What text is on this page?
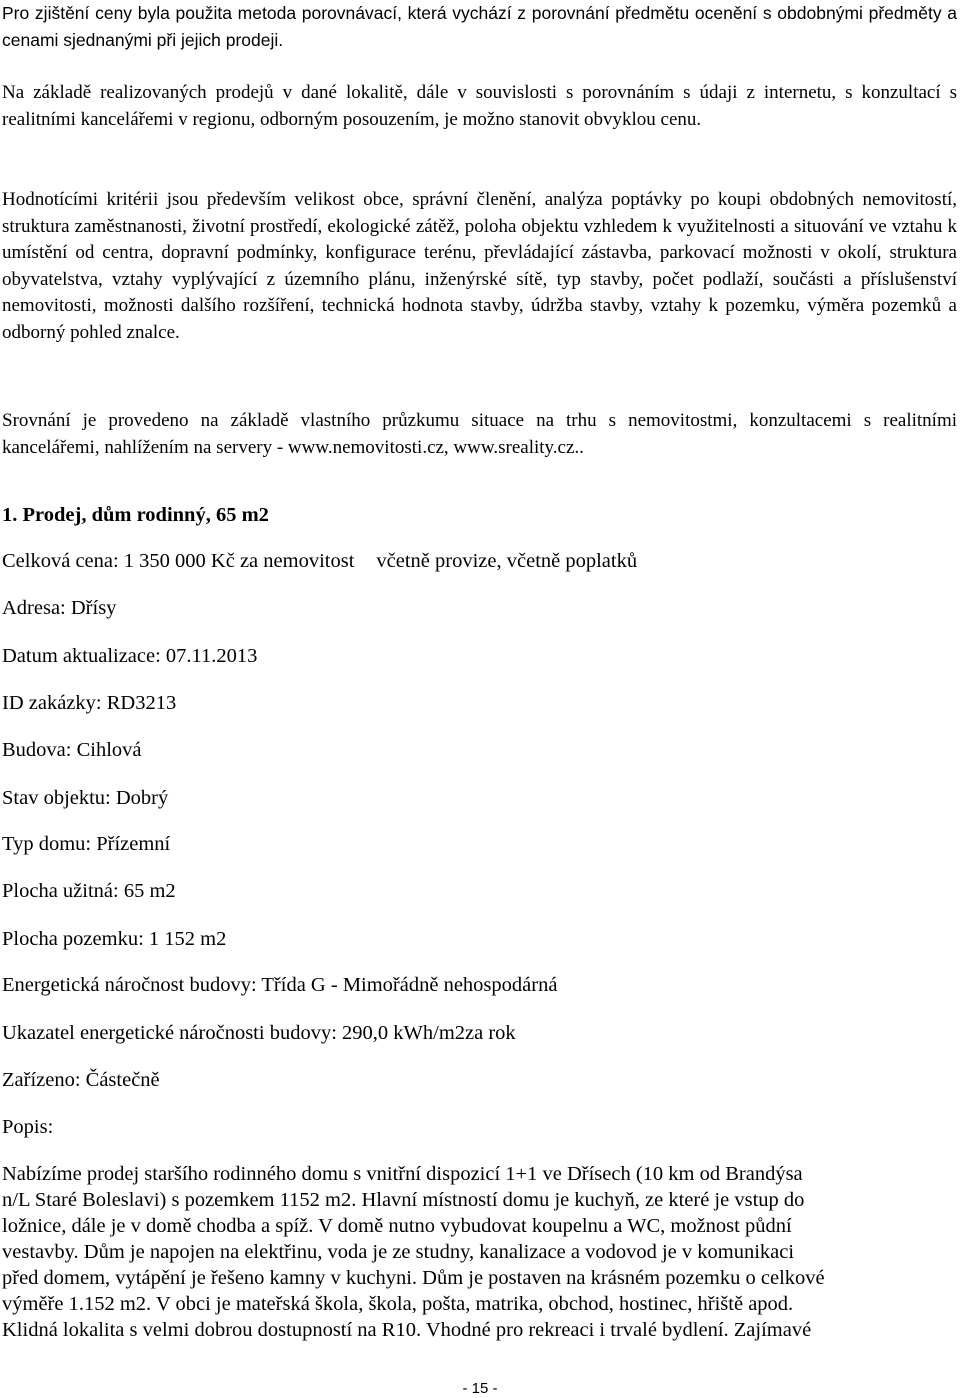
Pro zjištění ceny byla použita metoda porovnávací, která vychází z porovnání předmětu ocenění s obdobnými předměty a cenami sjednanými při jejich prodeji.

Na základě realizovaných prodejů v dané lokalitě, dále v souvislosti s porovnáním s údaji z internetu, s konzultací s realitními kancelářemi v regionu, odborným posouzením, je možno stanovit obvyklou cenu.

Hodnotícími kritérii jsou především velikost obce, správní členění, analýza poptávky po koupi obdobných nemovitostí, struktura zaměstnanosti, životní prostředí, ekologické zátěž, poloha objektu vzhledem k využitelnosti a situování ve vztahu k umístění od centra, dopravní podmínky, konfigurace terénu, převládající zástavba, parkovací možnosti v okolí, struktura obyvatelstva, vztahy vyplývající z územního plánu, inženýrské sítě, typ stavby, počet podlaží, součásti a příslušenství nemovitosti, možnosti dalšího rozšíření, technická hodnota stavby, údržba stavby, vztahy k pozemku, výměra pozemků a odborný pohled znalce.

Srovnání je provedeno na základě vlastního průzkumu situace na trhu s nemovitostmi, konzultacemi s realitními kancelářemi, nahlížením na servery - www.nemovitosti.cz, www.sreality.cz..

1. Prodej, dům rodinný, 65 m2

Celková cena: 1 350 000 Kč za nemovitost včetně provize, včetně poplatků

Adresa: Dřísy

Datum aktualizace: 07.11.2013

ID zakázky: RD3213

Budova: Cihlová

Stav objektu: Dobrý

Typ domu: Přízemní

Plocha užitná: 65 m2

Plocha pozemku: 1 152 m2

Energetická náročnost budovy: Třída G - Mimořádně nehospodárná

Ukazatel energetické náročnosti budovy: 290,0 kWh/m2za rok

Zařízeno: Částečně

Popis:

Nabízíme prodej staršího rodinného domu s vnitřní dispozicí 1+1 ve Dřísech (10 km od Brandýsa
n/L Staré Boleslavi) s pozemkem 1152 m2. Hlavní místností domu je kuchyň, ze které je vstup do
ložnice, dále je v domě chodba a spíž. V domě nutno vybudovat koupelnu a WC, možnost půdní
vestavby. Dům je napojen na elektřinu, voda je ze studny, kanalizace a vodovod je v komunikaci
před domem, vytápění je řešeno kamny v kuchyni. Dům je postaven na krásném pozemku o celkové
výměře 1.152 m2. V obci je mateřská škola, škola, pošta, matrika, obchod, hostinec, hřiště apod.
Klidná lokalita s velmi dobrou dostupností na R10. Vhodné pro rekreaci i trvalé bydlení. Zajímavé

- 15 -
